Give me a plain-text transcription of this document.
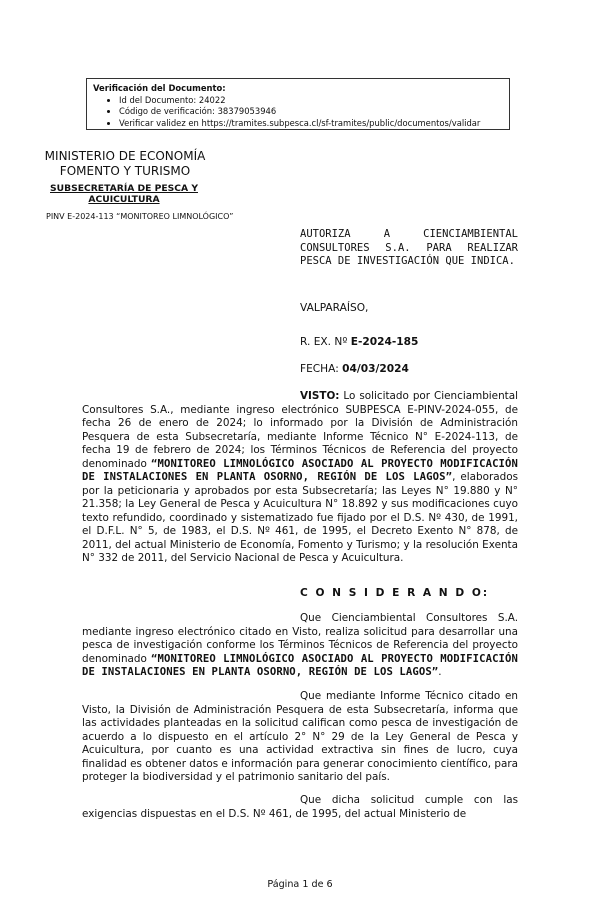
Verificación del Documento:
• Id del Documento: 24022
• Código de verificación: 38379053946
• Verificar validez en https://tramites.subpesca.cl/sf-tramites/public/documentos/validar
MINISTERIO DE ECONOMÍA
FOMENTO Y TURISMO
SUBSECRETARÍA DE PESCA Y ACUICULTURA
PINV E-2024-113 “MONITOREO LIMNOLÓGICO”
AUTORIZA A CIENCIAMBIENTAL CONSULTORES S.A. PARA REALIZAR PESCA DE INVESTIGACIÓN QUE INDICA.
VALPARAÍSO,
R. EX. Nº E-2024-185
FECHA: 04/03/2024
VISTO: Lo solicitado por Cienciambiental Consultores S.A., mediante ingreso electrónico SUBPESCA E-PINV-2024-055, de fecha 26 de enero de 2024; lo informado por la División de Administración Pesquera de esta Subsecretaría, mediante Informe Técnico N° E-2024-113, de fecha 19 de febrero de 2024; los Términos Técnicos de Referencia del proyecto denominado “MONITOREO LIMNOLÓGICO ASOCIADO AL PROYECTO MODIFICACIÓN DE INSTALACIONES EN PLANTA OSORNO, REGIÓN DE LOS LAGOS”, elaborados por la peticionaria y aprobados por esta Subsecretaría; las Leyes N° 19.880 y N° 21.358; la Ley General de Pesca y Acuicultura N° 18.892 y sus modificaciones cuyo texto refundido, coordinado y sistematizado fue fijado por el D.S. Nº 430, de 1991, el D.F.L. N° 5, de 1983, el D.S. Nº 461, de 1995, el Decreto Exento N° 878, de 2011, del actual Ministerio de Economía, Fomento y Turismo; y la resolución Exenta N° 332 de 2011, del Servicio Nacional de Pesca y Acuicultura.
C O N S I D E R A N D O:
Que Cienciambiental Consultores S.A. mediante ingreso electrónico citado en Visto, realiza solicitud para desarrollar una pesca de investigación conforme los Términos Técnicos de Referencia del proyecto denominado “MONITOREO LIMNOLÓGICO ASOCIADO AL PROYECTO MODIFICACIÓN DE INSTALACIONES EN PLANTA OSORNO, REGIÓN DE LOS LAGOS”.
Que mediante Informe Técnico citado en Visto, la División de Administración Pesquera de esta Subsecretaría, informa que las actividades planteadas en la solicitud califican como pesca de investigación de acuerdo a lo dispuesto en el artículo 2° N° 29 de la Ley General de Pesca y Acuicultura, por cuanto es una actividad extractiva sin fines de lucro, cuya finalidad es obtener datos e información para generar conocimiento científico, para proteger la biodiversidad y el patrimonio sanitario del país.
Que dicha solicitud cumple con las exigencias dispuestas en el D.S. Nº 461, de 1995, del actual Ministerio de
Página 1 de 6
